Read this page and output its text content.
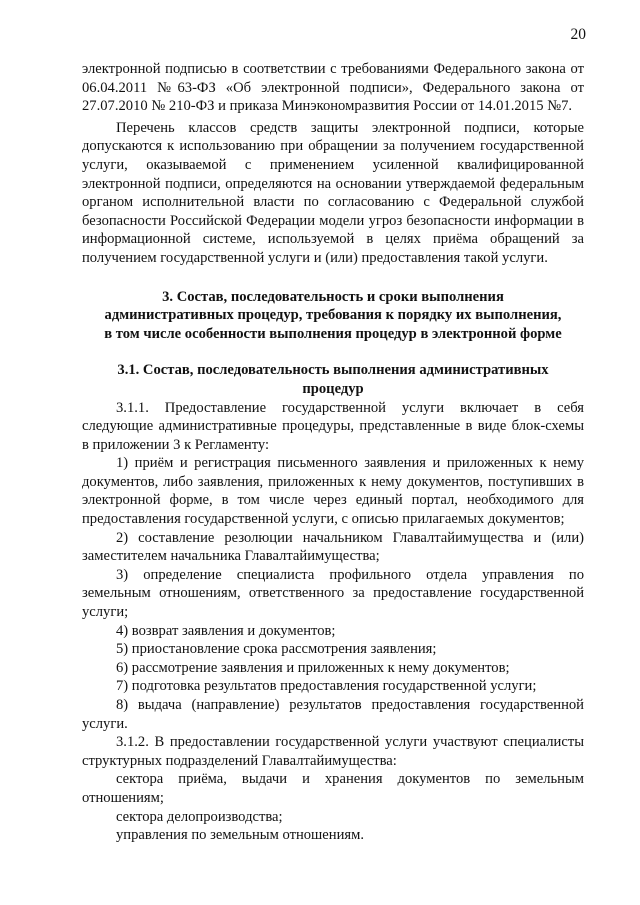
20

электронной подписью в соответствии с требованиями Федерального закона от 06.04.2011 №63-ФЗ «Об электронной подписи», Федерального закона от 27.07.2010 № 210-ФЗ и приказа Минэкономразвития России от 14.01.2015 №7.

Перечень классов средств защиты электронной подписи, которые допускаются к использованию при обращении за получением государственной услуги, оказываемой с применением усиленной квалифицированной электронной подписи, определяются на основании утверждаемой федеральным органом исполнительной власти по согласованию с Федеральной службой безопасности Российской Федерации модели угроз безопасности информации в информационной системе, используемой в целях приёма обращений за получением государственной услуги и (или) предоставления такой услуги.

3. Состав, последовательность и сроки выполнения

административных процедур, требования к порядку их выполнения,

в том числе особенности выполнения процедур в электронной форме

3.1. Состав, последовательность выполнения административных

процедур

3.1.1. Предоставление государственной услуги включает в себя следующие административные процедуры, представленные в виде блок-схемы в приложении 3 к Регламенту:

1) приём и регистрация письменного заявления и приложенных к нему документов, либо заявления, приложенных к нему документов, поступивших в электронной форме, в том числе через единый портал, необходимого для предоставления государственной услуги, с описью прилагаемых документов;

2) составление резолюции начальником Главалтайимущества и (или) заместителем начальника Главалтайимущества;

3) определение специалиста профильного отдела управления по земельным отношениям, ответственного за предоставление государственной услуги;

4) возврат заявления и документов;

5) приостановление срока рассмотрения заявления;

6) рассмотрение заявления и приложенных к нему документов;

7) подготовка результатов предоставления государственной услуги;

8) выдача (направление) результатов предоставления государственной услуги.

3.1.2. В предоставлении государственной услуги участвуют специалисты структурных подразделений Главалтайимущества:

сектора приёма, выдачи и хранения документов по земельным отношениям;

сектора делопроизводства;

управления по земельным отношениям.
